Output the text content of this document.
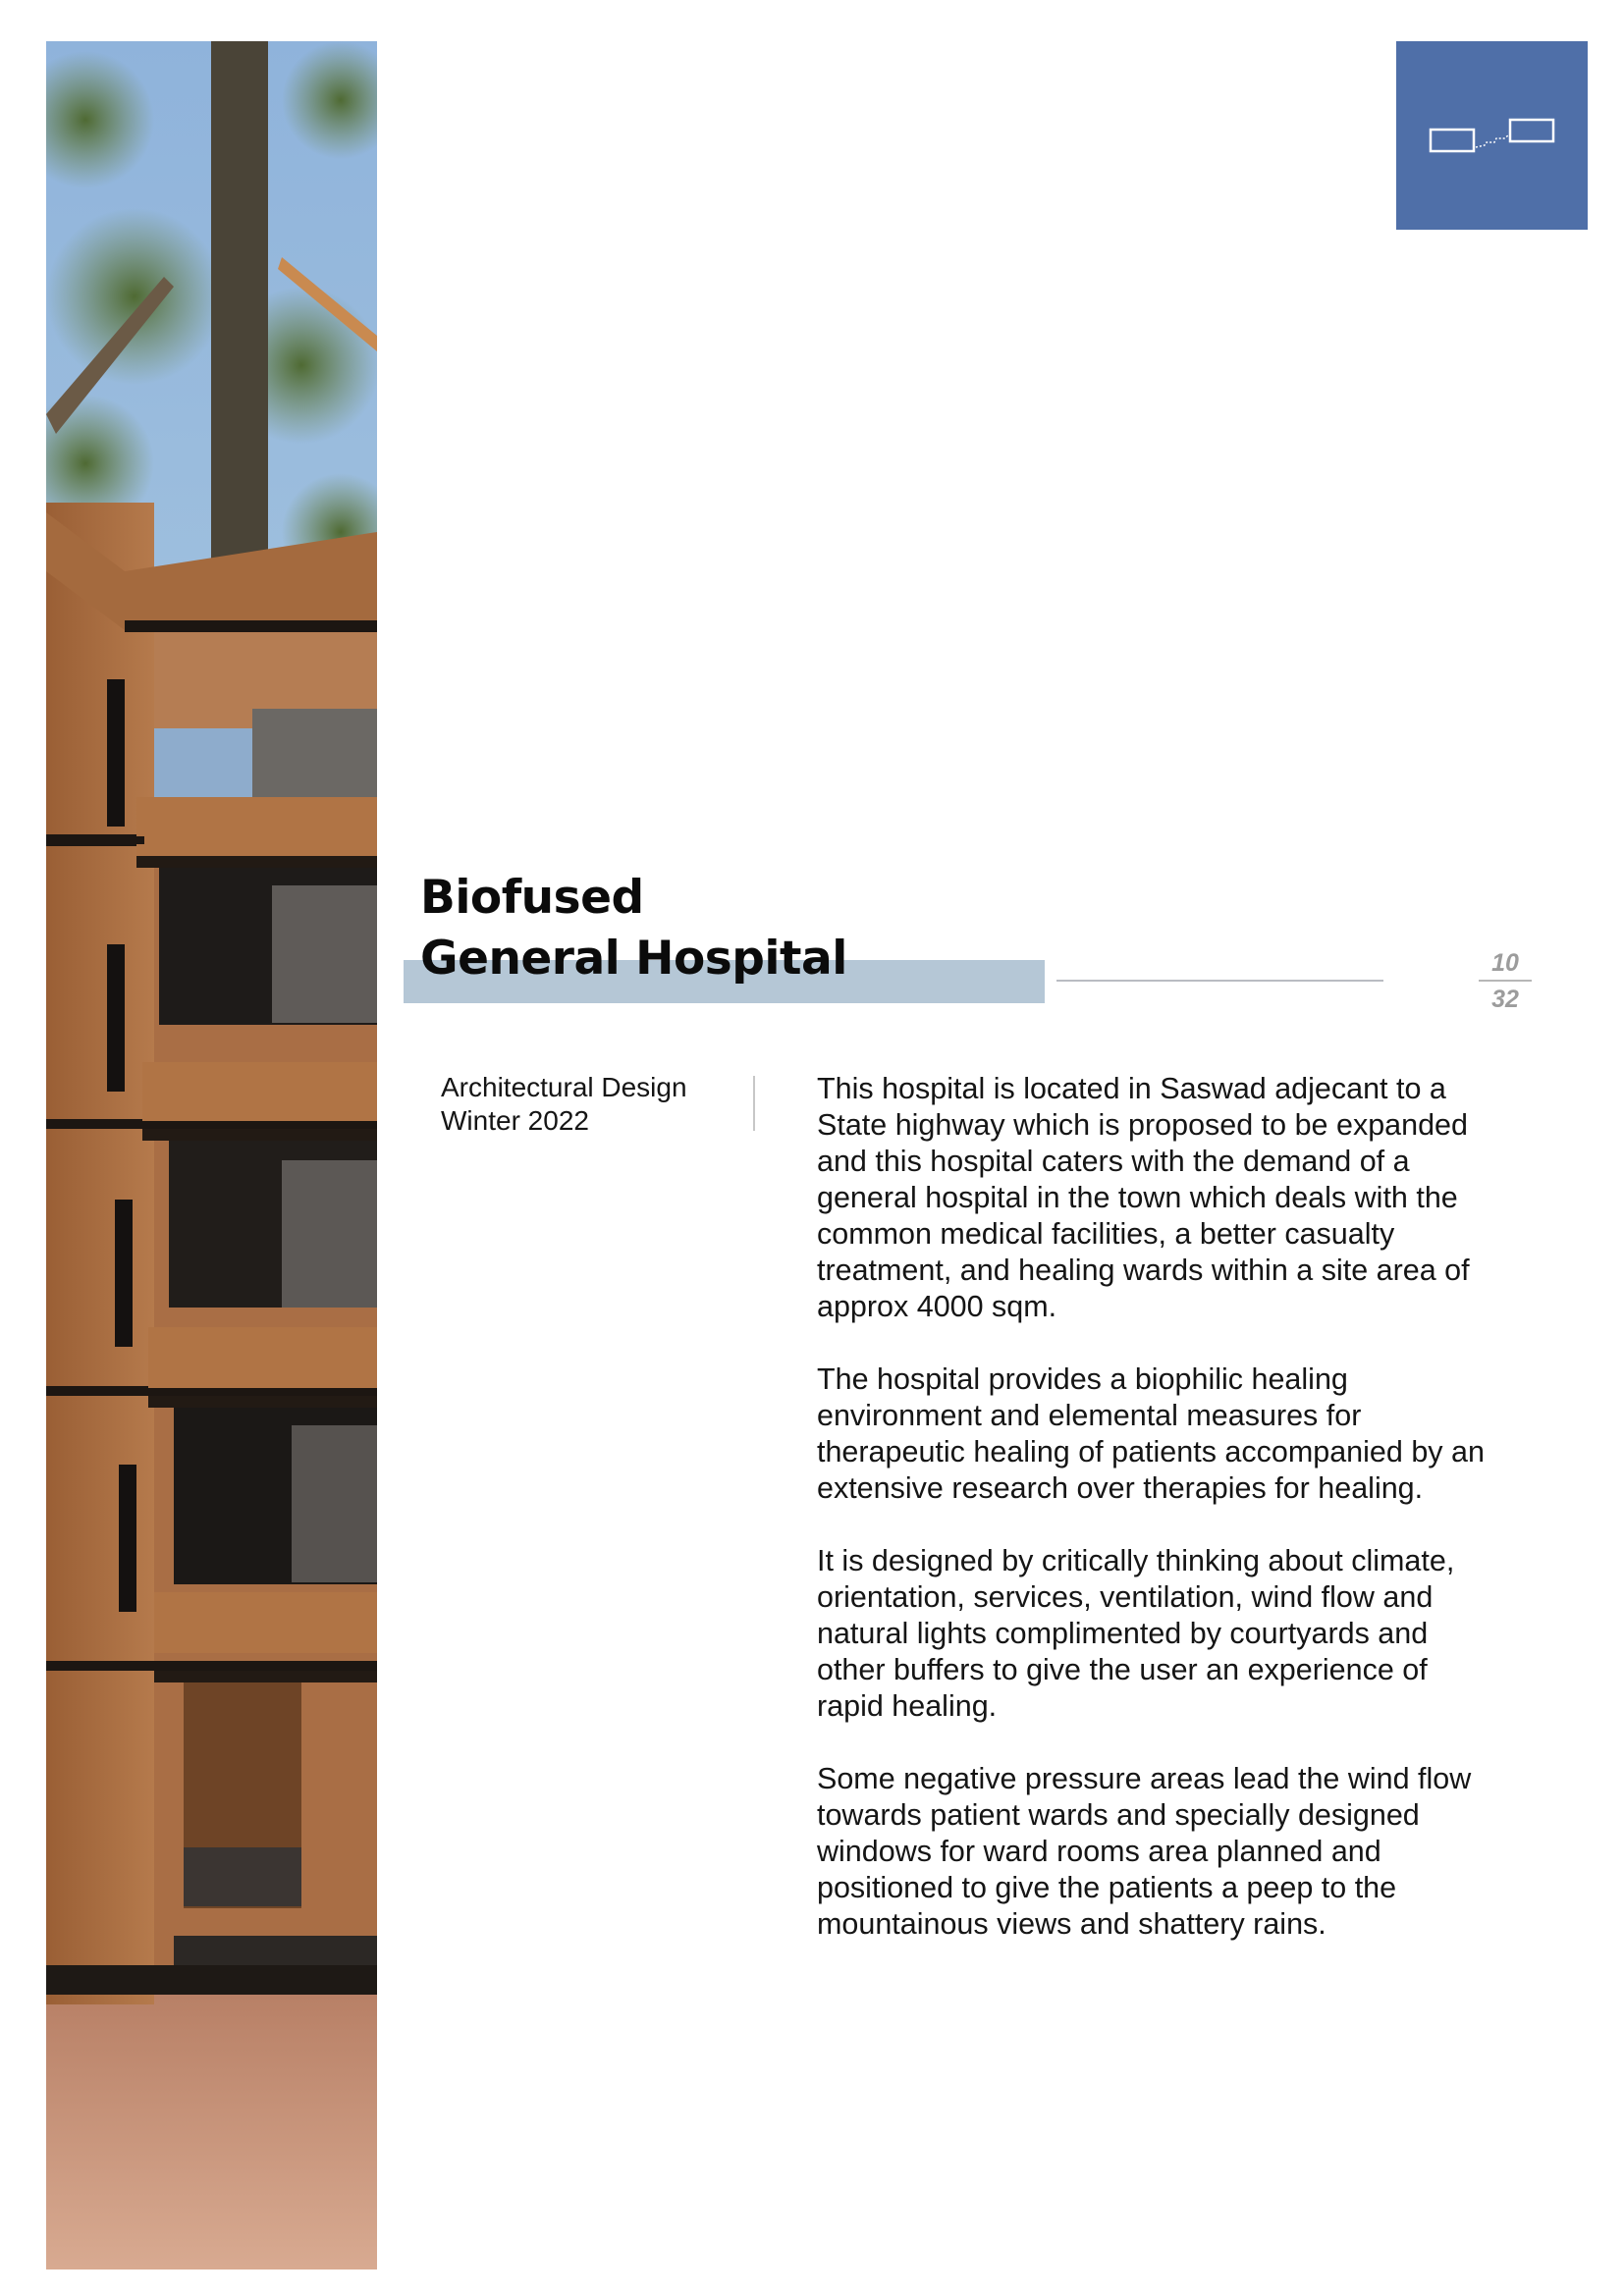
Biofused
General Hospital	10
32
Architectural Design
Winter 2022

This hospital is located in Saswad adjecant to a State highway which is proposed to be expanded and this hospital caters with the demand of a general hospital in the town which deals with the common medical facilities, a better casualty treatment, and healing wards within a site area of approx 4000 sqm.

The hospital provides a biophilic healing environment and elemental measures for therapeutic healing of patients accompanied by an extensive research over therapies for healing.

It is designed by critically thinking about climate, orientation, services, ventilation, wind flow and natural lights complimented by courtyards and other buffers to give the user an experience of rapid healing.

Some negative pressure areas lead the wind flow towards patient wards and specially designed windows for ward rooms area planned and positioned to give the patients a peep to the mountainous views and shattery rains.
